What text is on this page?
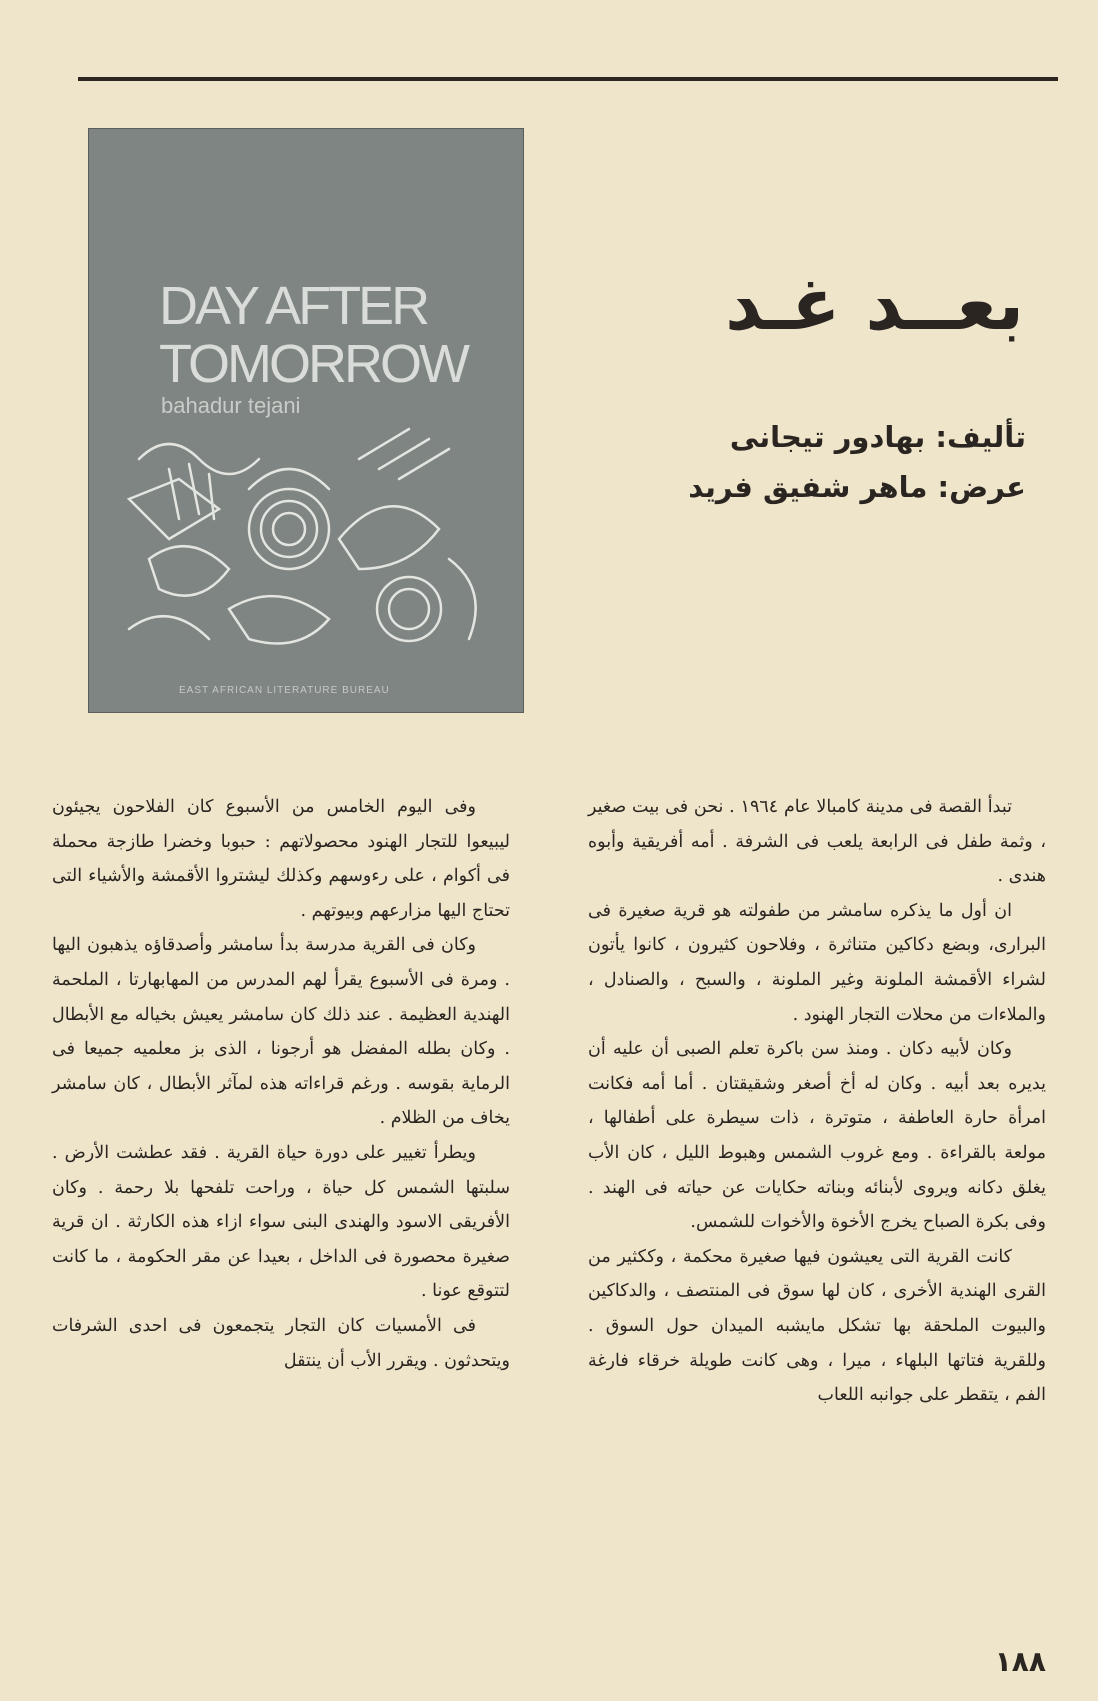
DAY AFTER
TOMORROW
bahadur tejani
EAST AFRICAN LITERATURE BUREAU
بعــد غـد
تأليف: بهادور تيجانى
عرض: ماهر شفيق فريد

تبدأ القصة فى مدينة كامبالا عام ١٩٦٤ . نحن فى بيت صغير ، وثمة طفل فى الرابعة يلعب فى الشرفة . أمه أفريقية وأبوه هندى .

ان أول ما يذكره سامشر من طفولته هو قرية صغيرة فى البرارى، وبضع دكاكين متناثرة ، وفلاحون كثيرون ، كانوا يأتون لشراء الأقمشة الملونة وغير الملونة ، والسبح ، والصنادل ، والملاءات من محلات التجار الهنود .

وكان لأبيه دكان . ومنذ سن باكرة تعلم الصبى أن عليه أن يديره بعد أبيه . وكان له أخ أصغر وشقيقتان . أما أمه فكانت امرأة حارة العاطفة ، متوترة ، ذات سيطرة على أطفالها ، مولعة بالقراءة . ومع غروب الشمس وهبوط الليل ، كان الأب يغلق دكانه ويروى لأبنائه وبناته حكايات عن حياته فى الهند . وفى بكرة الصباح يخرج الأخوة والأخوات للشمس.

كانت القرية التى يعيشون فيها صغيرة محكمة ، وككثير من القرى الهندية الأخرى ، كان لها سوق فى المنتصف ، والدكاكين والبيوت الملحقة بها تشكل مايشبه الميدان حول السوق . وللقرية فتاتها البلهاء ، ميرا ، وهى كانت طويلة خرقاء فارغة الفم ، يتقطر على جوانبه اللعاب

وفى اليوم الخامس من الأسبوع كان الفلاحون يجيئون ليبيعوا للتجار الهنود محصولاتهم : حبوبا وخضرا طازجة محملة فى أكوام ، على رءوسهم وكذلك ليشتروا الأقمشة والأشياء التى تحتاج اليها مزارعهم وبيوتهم .

وكان فى القرية مدرسة بدأ سامشر وأصدقاؤه يذهبون اليها . ومرة فى الأسبوع يقرأ لهم المدرس من المهابهارتا ، الملحمة الهندية العظيمة . عند ذلك كان سامشر يعيش بخياله مع الأبطال . وكان بطله المفضل هو أرجونا ، الذى بز معلميه جميعا فى الرماية بقوسه . ورغم قراءاته هذه لمآثر الأبطال ، كان سامشر يخاف من الظلام .

ويطرأ تغيير على دورة حياة القرية . فقد عطشت الأرض . سلبتها الشمس كل حياة ، وراحت تلفحها بلا رحمة . وكان الأفريقى الاسود والهندى البنى سواء ازاء هذه الكارثة . ان قرية صغيرة محصورة فى الداخل ، بعيدا عن مقر الحكومة ، ما كانت لتتوقع عونا .

فى الأمسيات كان التجار يتجمعون فى احدى الشرفات ويتحدثون . ويقرر الأب أن ينتقل

١٨٨
